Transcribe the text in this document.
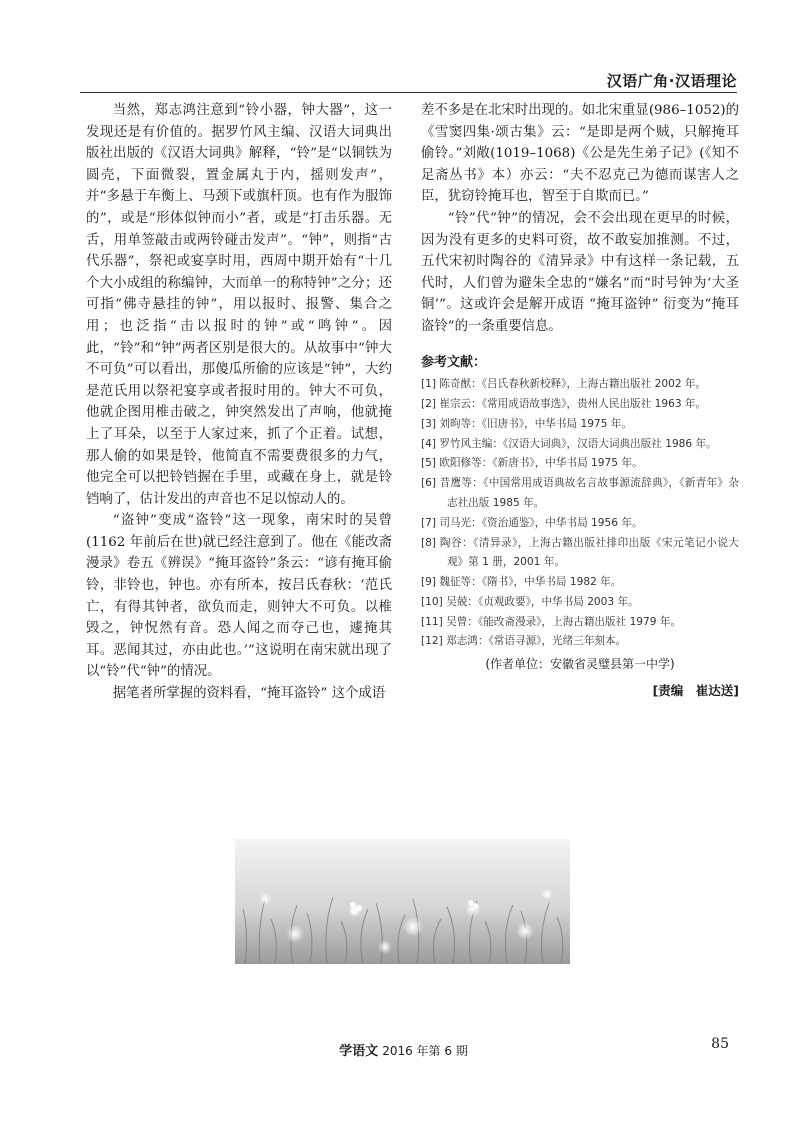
汉语广角·汉语理论

当然，郑志鸿注意到“铃小器，钟大器”，这一发现还是有价值的。据罗竹风主编、汉语大词典出版社出版的《汉语大词典》解释，“铃”是“以铜铁为圆壳，下面微裂，置金属丸于内，摇则发声”，并“多悬于车衡上、马颈下或旗杆顶。也有作为服饰的”，或是“形体似钟而小”者，或是“打击乐器。无舌，用单签敲击或两铃碰击发声”。“钟”，则指“古代乐器”，祭祀或宴享时用，西周中期开始有“十几个大小成组的称编钟，大而单一的称特钟”之分；还可指“佛寺悬挂的钟”，用以报时、报警、集合之用；也泛指“击以报时的钟”或“鸣钟”。因此，“铃”和“钟”两者区别是很大的。从故事中“钟大不可负”可以看出，那傻瓜所偷的应该是“钟”，大约是范氏用以祭祀宴享或者报时用的。钟大不可负，他就企图用椎击破之，钟突然发出了声响，他就掩上了耳朵，以至于人家过来，抓了个正着。试想，那人偷的如果是铃，他简直不需要费很多的力气，他完全可以把铃铛握在手里，或藏在身上，就是铃铛响了，估计发出的声音也不足以惊动人的。

“盗钟”变成“盗铃”这一现象，南宋时的吴曾(1162 年前后在世)就已经注意到了。他在《能改斋漫录》卷五《辨误》“掩耳盗铃”条云：“谚有掩耳偷铃，非铃也，钟也。亦有所本，按吕氏春秋：‘范氏亡，有得其钟者，欲负而走，则钟大不可负。以椎毁之，钟怳然有音。恐人闻之而夺己也，遽掩其耳。恶闻其过，亦由此也。’”这说明在南宋就出现了以“铃”代“钟”的情况。

据笔者所掌握的资料看，“掩耳盗铃” 这个成语

差不多是在北宋时出现的。如北宋重显(986–1052)的《雪窦四集·颂古集》云：“是即是两个贼，只解掩耳偷铃。”刘敞(1019–1068)《公是先生弟子记》(《知不足斋丛书》本）亦云：“夫不忍克己为德而谋害人之臣，犹窃铃掩耳也，智至于自欺而已。”

“铃”代“钟”的情况，会不会出现在更早的时候，因为没有更多的史料可资，故不敢妄加推测。不过，五代宋初时陶谷的《清异录》中有这样一条记载，五代时，人们曾为避朱全忠的“嫌名”而“时号钟为‘大圣铜’”。这或许会是解开成语 “掩耳盗钟” 衍变为“掩耳盗铃”的一条重要信息。

参考文献：
[1] 陈奇猷：《吕氏春秋新校释》，上海古籍出版社 2002 年。
[2] 崔宗云：《常用成语故事选》，贵州人民出版社 1963 年。
[3] 刘昫等：《旧唐书》，中华书局 1975 年。
[4] 罗竹风主编：《汉语大词典》，汉语大词典出版社 1986 年。
[5] 欧阳修等：《新唐书》，中华书局 1975 年。
[6] 昔鹰等：《中国常用成语典故名言故事源流辞典》，《新青年》杂志社出版 1985 年。
[7] 司马光：《资治通鉴》，中华书局 1956 年。
[8] 陶谷：《清异录》，上海古籍出版社排印出版《宋元笔记小说大观》第 1 册，2001 年。
[9] 魏征等：《隋书》，中华书局 1982 年。
[10] 吴兢：《贞观政要》，中华书局 2003 年。
[11] 吴曾：《能改斋漫录》，上海古籍出版社 1979 年。
[12] 郑志鸿：《常语寻源》，光绪三年刻本。
(作者单位：安徽省灵璧县第一中学)
[责编　崔达送]
学语文 2016 年第 6 期	85
